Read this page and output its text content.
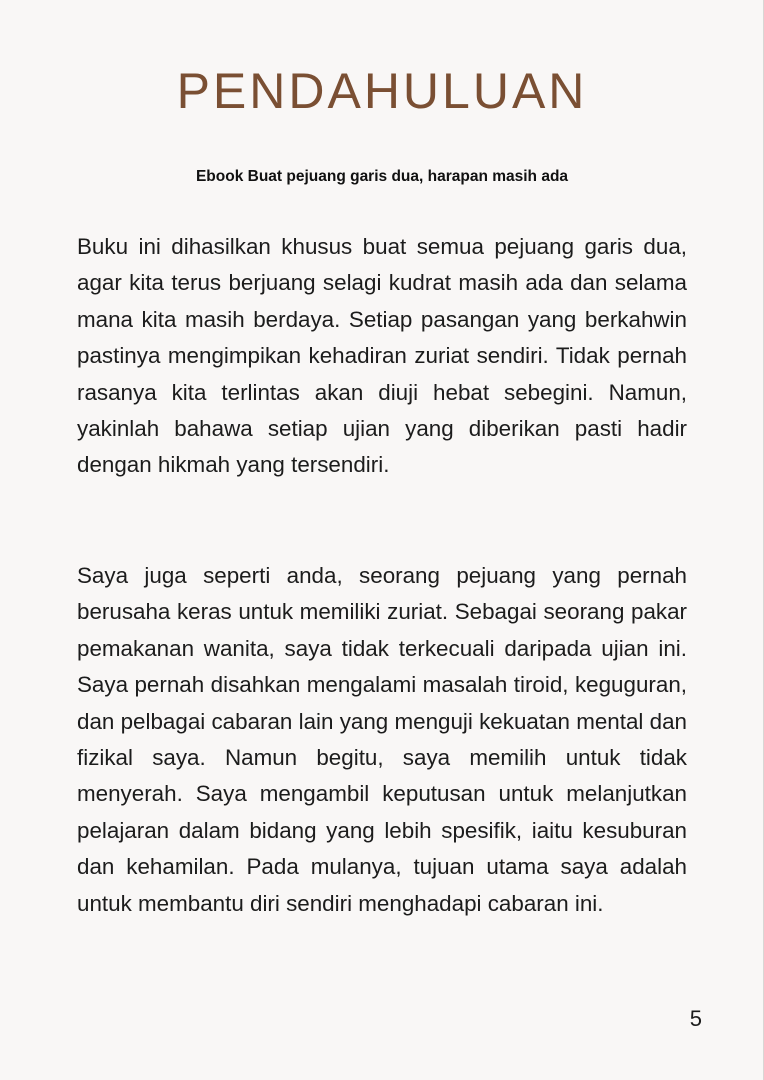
PENDAHULUAN
Ebook Buat pejuang garis dua, harapan masih ada

Buku ini dihasilkan khusus buat semua pejuang garis dua, agar kita terus berjuang selagi kudrat masih ada dan selama mana kita masih berdaya. Setiap pasangan yang berkahwin pastinya mengimpikan kehadiran zuriat sendiri. Tidak pernah rasanya kita terlintas akan diuji hebat sebegini. Namun, yakinlah bahawa setiap ujian yang diberikan pasti hadir dengan hikmah yang tersendiri.

Saya juga seperti anda, seorang pejuang yang pernah berusaha keras untuk memiliki zuriat. Sebagai seorang pakar pemakanan wanita, saya tidak terkecuali daripada ujian ini. Saya pernah disahkan mengalami masalah tiroid, keguguran, dan pelbagai cabaran lain yang menguji kekuatan mental dan fizikal saya. Namun begitu, saya memilih untuk tidak menyerah. Saya mengambil keputusan untuk melanjutkan pelajaran dalam bidang yang lebih spesifik, iaitu kesuburan dan kehamilan. Pada mulanya, tujuan utama saya adalah untuk membantu diri sendiri menghadapi cabaran ini.

5
